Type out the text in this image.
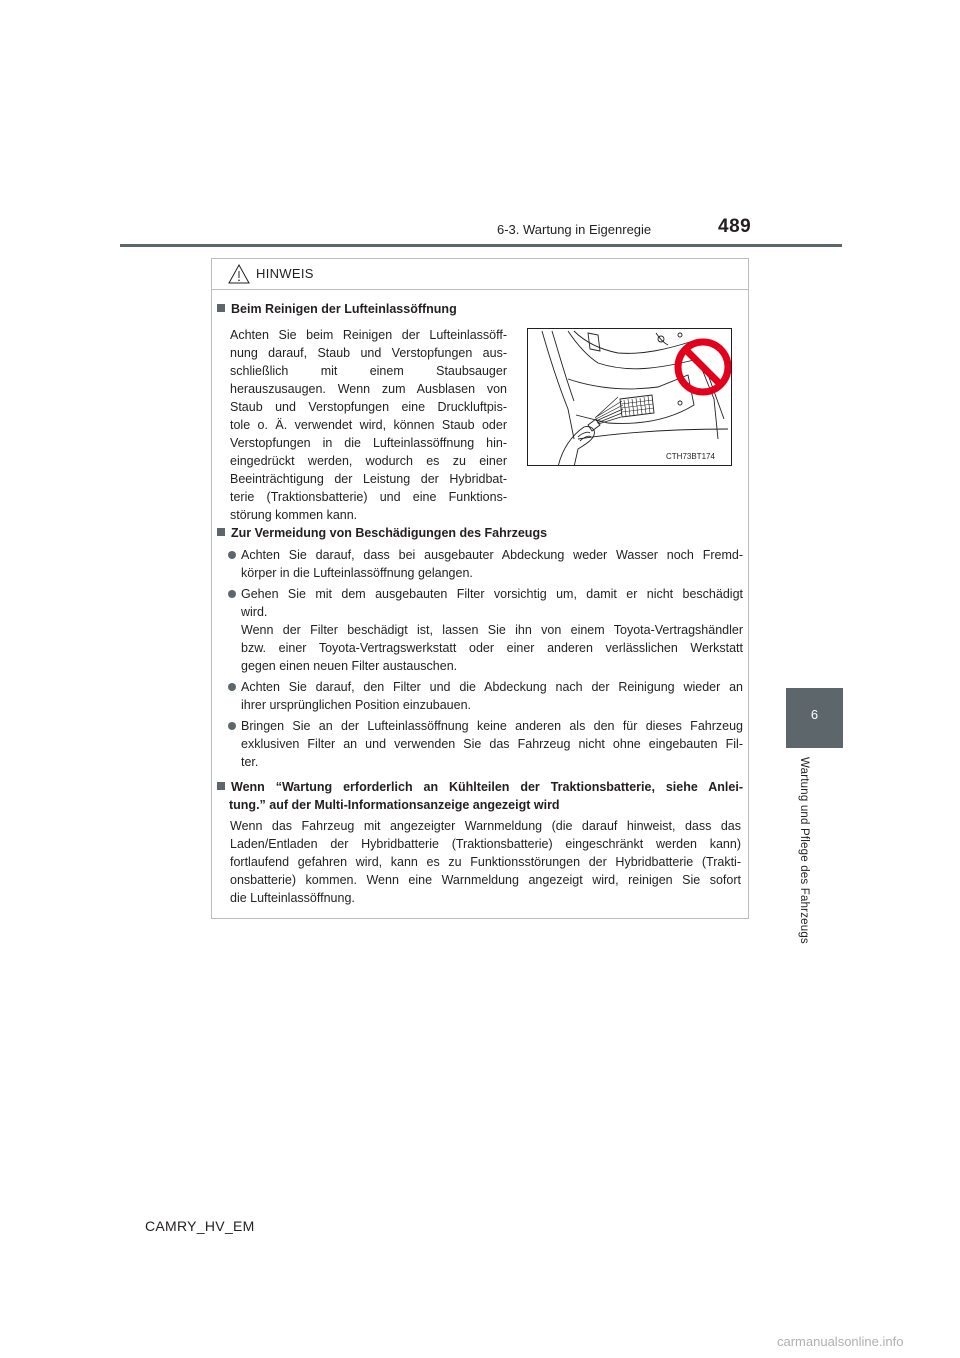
6-3. Wartung in Eigenregie	489
6
Wartung und Pflege des Fahrzeugs
HINWEIS
Beim Reinigen der Lufteinlassöffnung
Achten Sie beim Reinigen der Lufteinlassöff-
nung darauf, Staub und Verstopfungen aus-
schließlich mit einem Staubsauger
herauszusaugen. Wenn zum Ausblasen von
Staub und Verstopfungen eine Druckluftpis-
tole o. Ä. verwendet wird, können Staub oder
Verstopfungen in die Lufteinlassöffnung hin-
eingedrückt werden, wodurch es zu einer
Beeinträchtigung der Leistung der Hybridbat-
terie (Traktionsbatterie) und eine Funktions-
störung kommen kann.
CTH73BT174
Zur Vermeidung von Beschädigungen des Fahrzeugs
Achten Sie darauf, dass bei ausgebauter Abdeckung weder Wasser noch Fremd-
körper in die Lufteinlassöffnung gelangen.
Gehen Sie mit dem ausgebauten Filter vorsichtig um, damit er nicht beschädigt
wird.
Wenn der Filter beschädigt ist, lassen Sie ihn von einem Toyota-Vertragshändler
bzw. einer Toyota-Vertragswerkstatt oder einer anderen verlässlichen Werkstatt
gegen einen neuen Filter austauschen.
Achten Sie darauf, den Filter und die Abdeckung nach der Reinigung wieder an
ihrer ursprünglichen Position einzubauen.
Bringen Sie an der Lufteinlassöffnung keine anderen als den für dieses Fahrzeug
exklusiven Filter an und verwenden Sie das Fahrzeug nicht ohne eingebauten Fil-
ter.
Wenn “Wartung erforderlich an Kühlteilen der Traktionsbatterie, siehe Anlei-
tung.” auf der Multi-Informationsanzeige angezeigt wird
Wenn das Fahrzeug mit angezeigter Warnmeldung (die darauf hinweist, dass das
Laden/Entladen der Hybridbatterie (Traktionsbatterie) eingeschränkt werden kann)
fortlaufend gefahren wird, kann es zu Funktionsstörungen der Hybridbatterie (Trakti-
onsbatterie) kommen. Wenn eine Warnmeldung angezeigt wird, reinigen Sie sofort
die Lufteinlassöffnung.
CAMRY_HV_EM
carmanualsonline.info
